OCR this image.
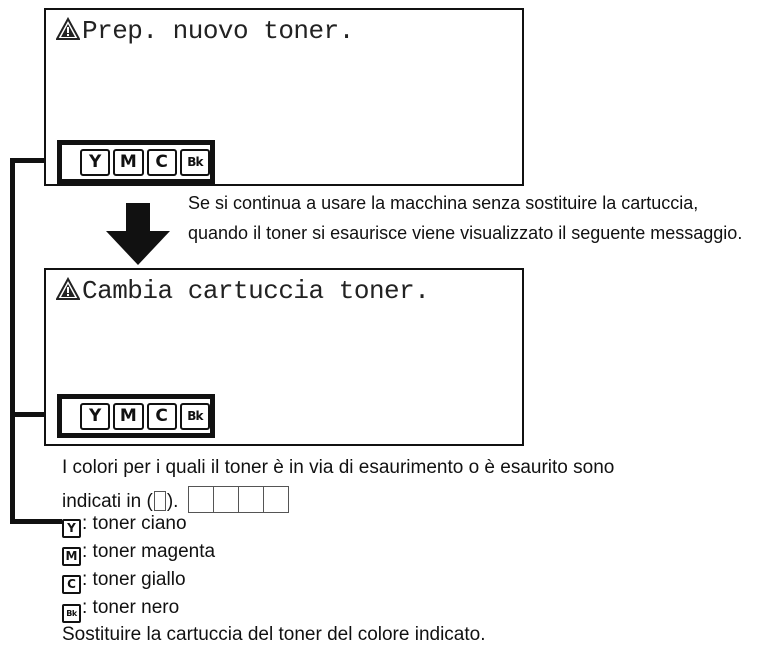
Prep. nuovo toner.
Y	M	C	Bk
Se si continua a usare la macchina senza sostituire la cartuccia,
quando il toner si esaurisce viene visualizzato il seguente messaggio.
Cambia cartuccia toner.
Y	M	C	Bk
I colori per i quali il toner è in via di esaurimento o è esaurito sono
indicati in ( ).
Y : toner ciano
M : toner magenta
C : toner giallo
Bk : toner nero
Sostituire la cartuccia del toner del colore indicato.
